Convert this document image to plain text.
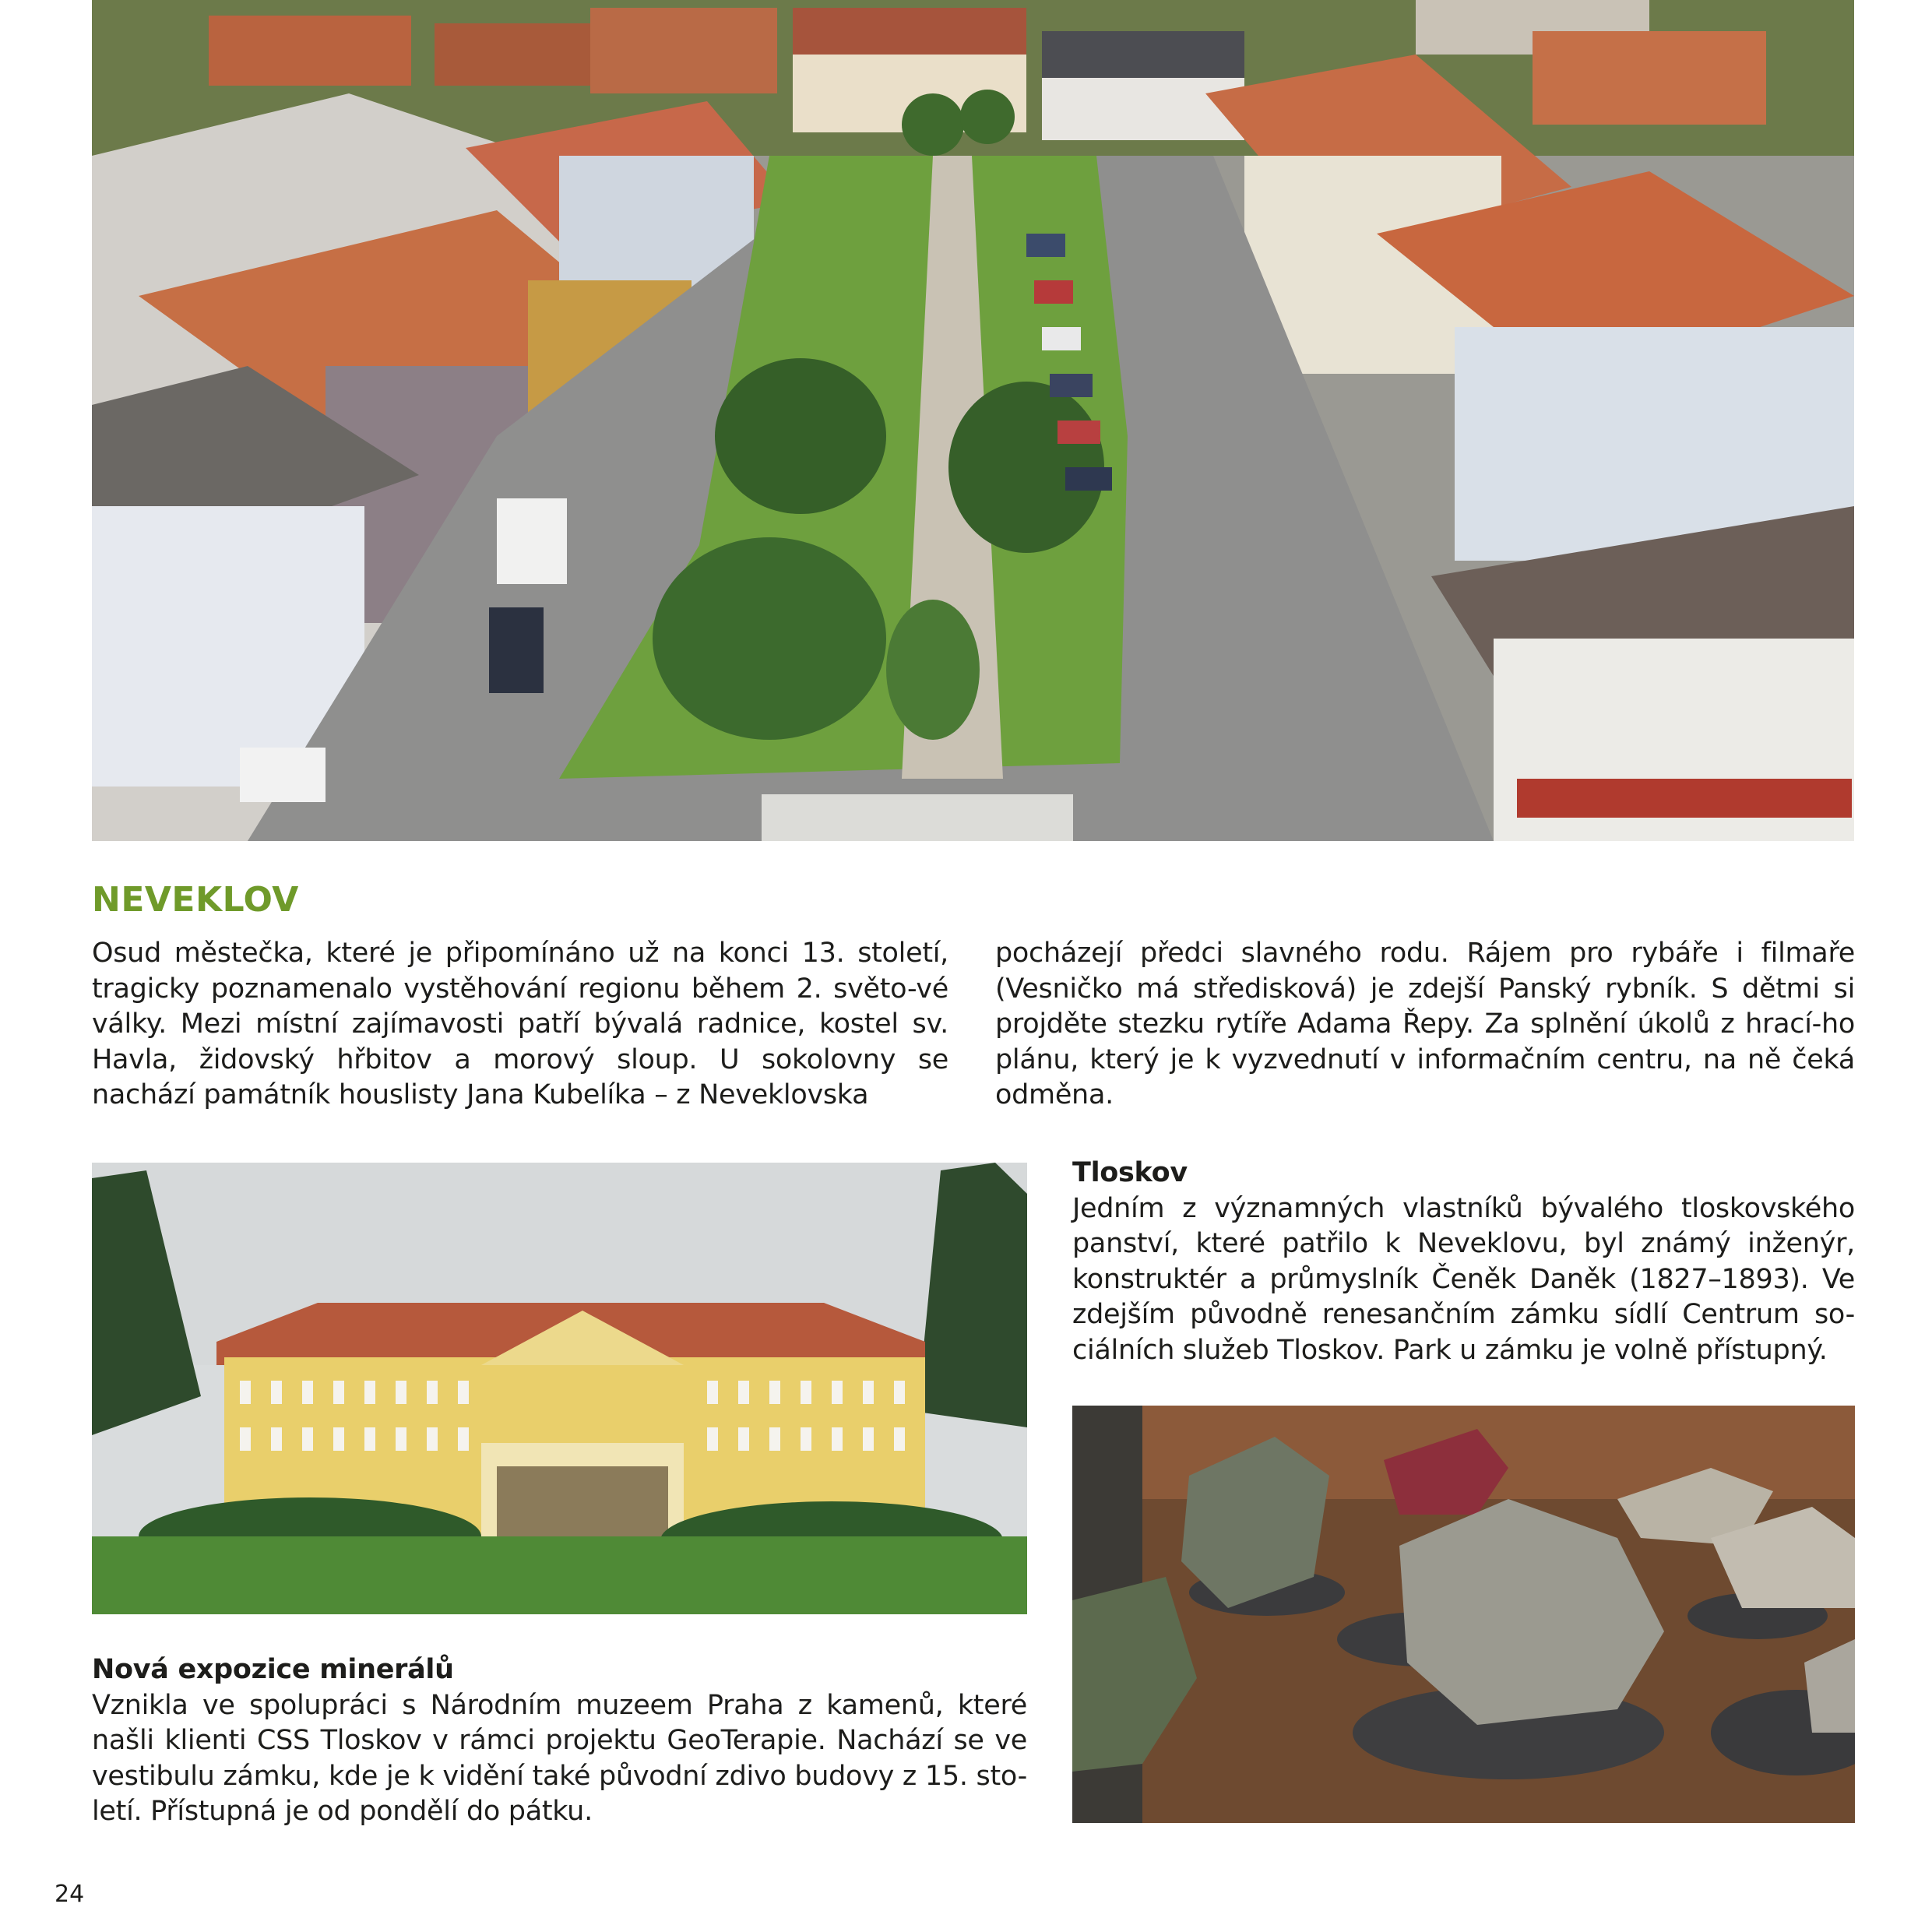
NEVEKLOV

Osud městečka, které je připomínáno už na konci 13. století, tragicky poznamenalo vystěhování regionu během 2. světo-vé války. Mezi místní zajímavosti patří bývalá radnice, kostel sv. Havla, židovský hřbitov a morový sloup. U sokolovny se nachází památník houslisty Jana Kubelíka – z Neveklovska

pocházejí předci slavného rodu. Rájem pro rybáře i filmaře (Vesničko má středisková) je zdejší Panský rybník. S dětmi si projděte stezku rytíře Adama Řepy. Za splnění úkolů z hrací-ho plánu, který je k vyzvednutí v informačním centru, na ně čeká odměna.

Tloskov

Jedním z významných vlastníků bývalého tloskovského panství, které patřilo k Neveklovu, byl známý inženýr, konstruktér a průmyslník Čeněk Daněk (1827–1893). Ve zdejším původně renesančním zámku sídlí Centrum so-ciálních služeb Tloskov. Park u zámku je volně přístupný.

Nová expozice minerálů

Vznikla ve spolupráci s Národním muzeem Praha z kamenů, které našli klienti CSS Tloskov v rámci projektu GeoTerapie. Nachází se ve vestibulu zámku, kde je k vidění také původní zdivo budovy z 15. sto-letí. Přístupná je od pondělí do pátku.

24
